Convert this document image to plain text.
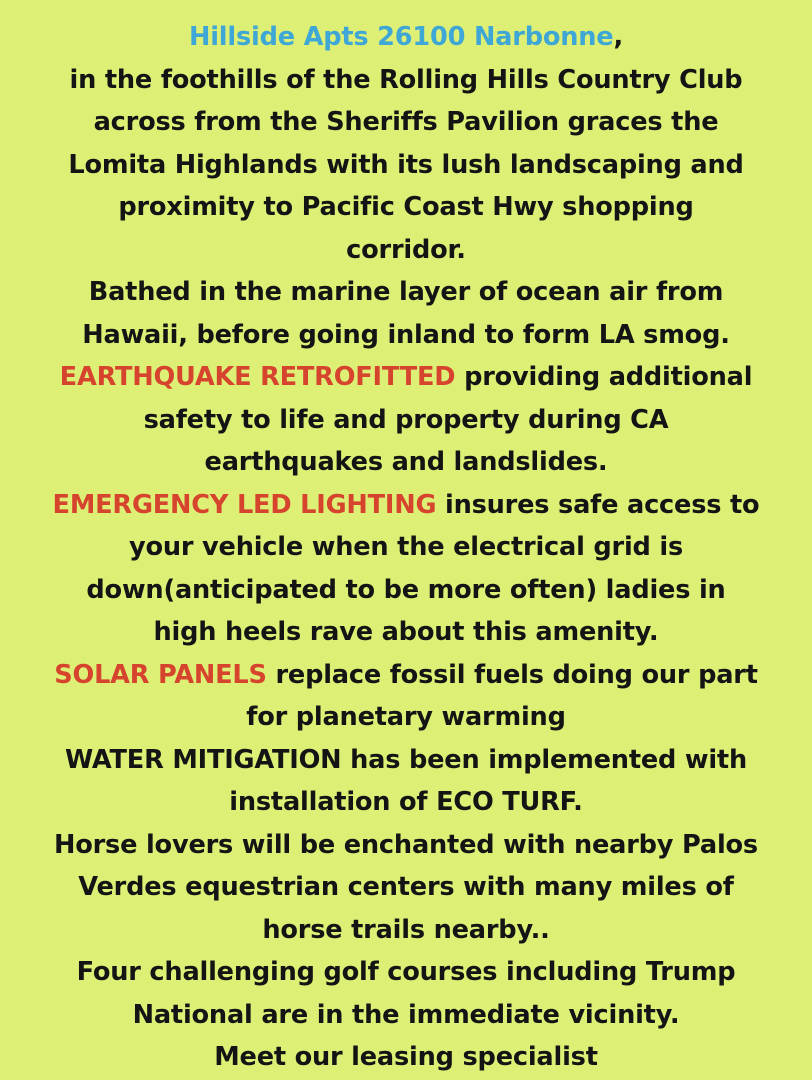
Hillside Apts 26100 Narbonne,
in the foothills of the Rolling Hills Country Club
across from the Sheriffs Pavilion graces the
Lomita Highlands with its lush landscaping and
proximity to Pacific Coast Hwy shopping
corridor.
Bathed in the marine layer of ocean air from
Hawaii, before going inland to form LA smog.
EARTHQUAKE RETROFITTED providing additional
safety to life and property during CA
earthquakes and landslides.
EMERGENCY LED LIGHTING insures safe access to
your vehicle when the electrical grid is
down(anticipated to be more often) ladies in
high heels rave about this amenity.
SOLAR PANELS replace fossil fuels doing our part
for planetary warming
WATER MITIGATION has been implemented with
installation of ECO TURF.
Horse lovers will be enchanted with nearby Palos
Verdes equestrian centers with many miles of
horse trails nearby..
Four challenging golf courses including Trump
National are in the immediate vicinity.
Meet our leasing specialist
